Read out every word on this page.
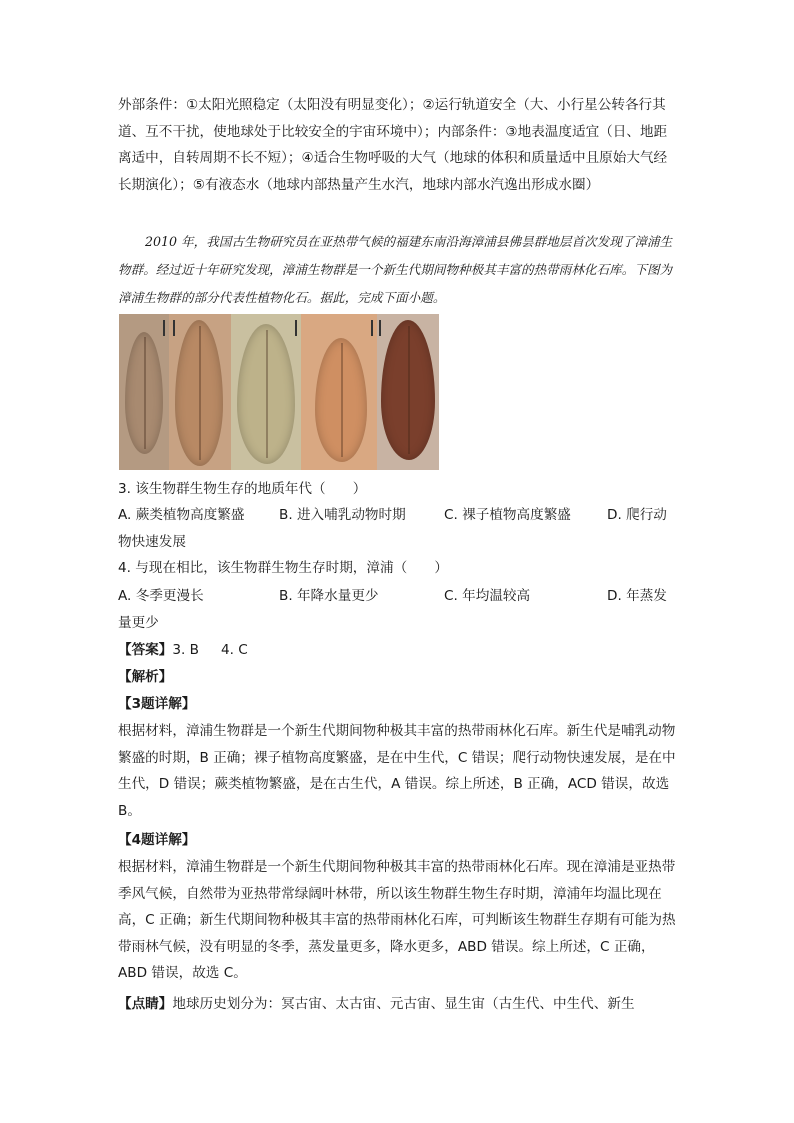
外部条件：①太阳光照稳定（太阳没有明显变化）；②运行轨道安全（大、小行星公转各行其道、互不干扰，使地球处于比较安全的宇宙环境中）；内部条件：③地表温度适宜（日、地距离适中，自转周期不长不短）；④适合生物呼吸的大气（地球的体积和质量适中且原始大气经长期演化）；⑤有液态水（地球内部热量产生水汽，地球内部水汽逸出形成水圈）
2010 年，我国古生物研究员在亚热带气候的福建东南沿海漳浦县佛昙群地层首次发现了漳浦生物群。经过近十年研究发现，漳浦生物群是一个新生代期间物种极其丰富的热带雨林化石库。下图为漳浦生物群的部分代表性植物化石。据此，完成下面小题。
3. 该生物群生物生存的地质年代（　　）
A. 蕨类植物高度繁盛	B. 进入哺乳动物时期	C. 裸子植物高度繁盛	D. 爬行动
物快速发展
4. 与现在相比，该生物群生物生存时期，漳浦（　　）
A. 冬季更漫长	B. 年降水量更少	C. 年均温较高	D. 年蒸发
量更少
【答案】3. B 4. C
【解析】
【3题详解】
根据材料，漳浦生物群是一个新生代期间物种极其丰富的热带雨林化石库。新生代是哺乳动物繁盛的时期，B 正确；裸子植物高度繁盛，是在中生代，C 错误；爬行动物快速发展，是在中生代，D 错误；蕨类植物繁盛，是在古生代，A 错误。综上所述，B 正确，ACD 错误，故选 B。
【4题详解】
根据材料，漳浦生物群是一个新生代期间物种极其丰富的热带雨林化石库。现在漳浦是亚热带季风气候，自然带为亚热带常绿阔叶林带，所以该生物群生物生存时期，漳浦年均温比现在高，C 正确；新生代期间物种极其丰富的热带雨林化石库，可判断该生物群生存期有可能为热带雨林气候，没有明显的冬季，蒸发量更多，降水更多，ABD 错误。综上所述，C 正确，ABD 错误，故选 C。
【点睛】地球历史划分为：冥古宙、太古宙、元古宙、显生宙（古生代、中生代、新生
